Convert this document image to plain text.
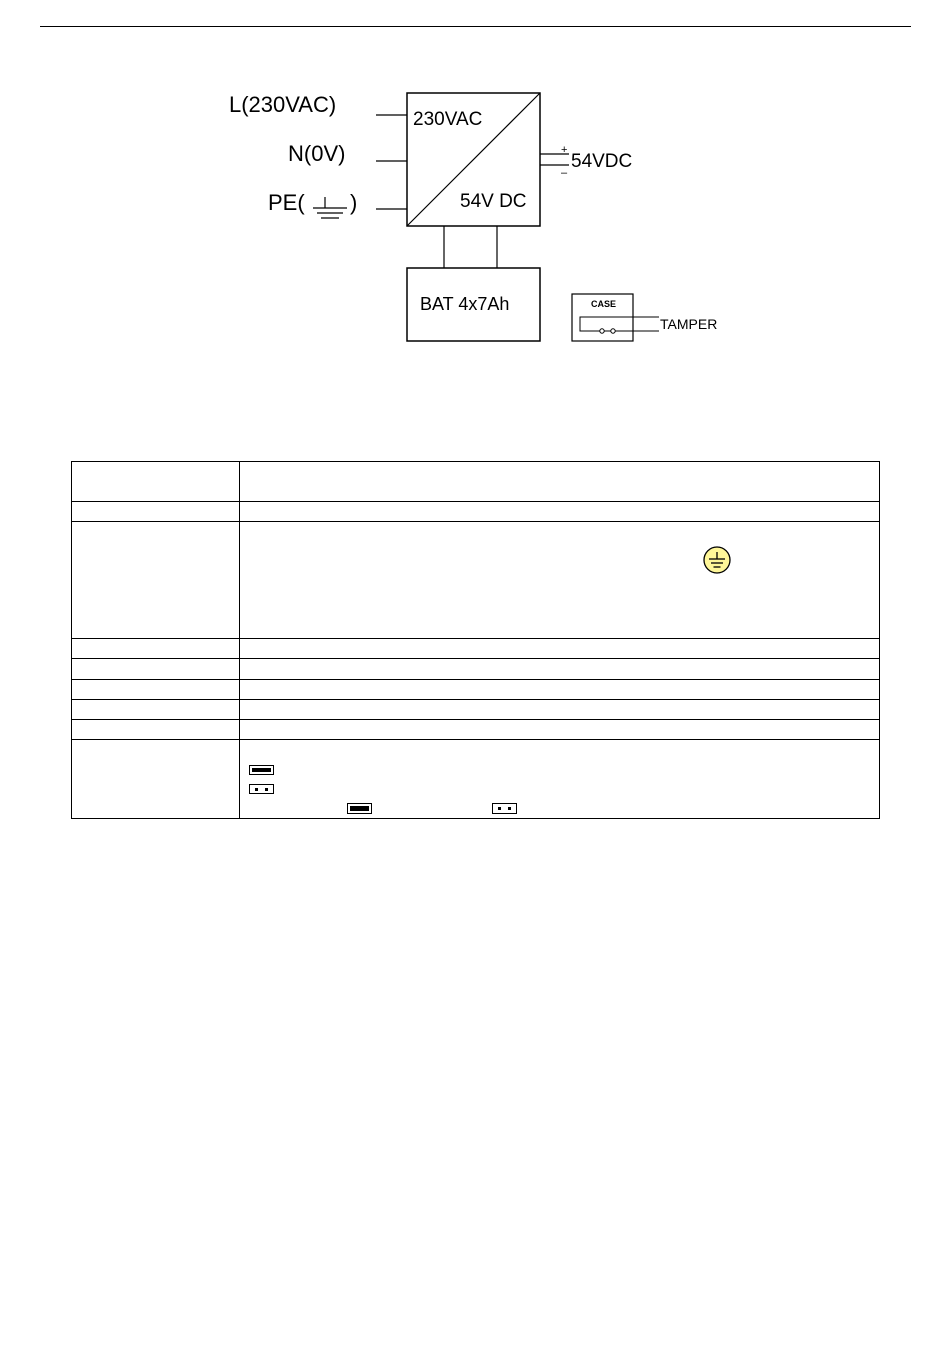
L(230VAC)
N(0V)
PE( )
230VAC
54V DC
+
–
54VDC
BAT 4x7Ah	CASE
TAMPER
